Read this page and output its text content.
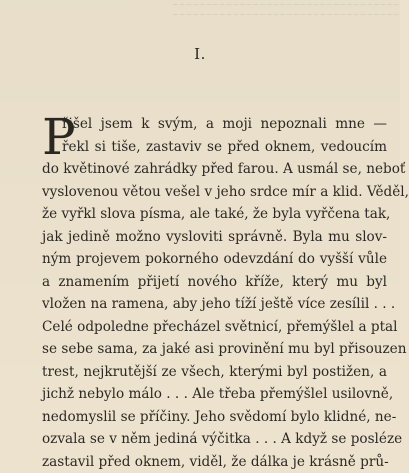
~~~~~~~~~~~~~~~~~~~~~~~~~~~~~~~~~~
~~~~~~~~~~~~~~~~~~~~~~~~~~~~~~~~~~
I.
P
řišel jsem k svým, a moji nepoznali mne —
řekl si tiše, zastaviv se před oknem, vedoucím
do květinové zahrádky před farou. A usmál se, neboť
vyslovenou větou vešel v jeho srdce mír a klid. Věděl,
že vyřkl slova písma, ale také, že byla vyřčena tak,
jak jedině možno vysloviti správně. Byla mu slov-
ným projevem pokorného odevzdání do vyšší vůle
a znamením přijetí nového kříže, který mu byl
vložen na ramena, aby jeho tíží ještě více zesílil . . .
Celé odpoledne přecházel světnicí, přemýšlel a ptal
se sebe sama, za jaké asi provinění mu byl přisouzen
trest, nejkrutější ze všech, kterými byl postižen, a
jichž nebylo málo . . . Ale třeba přemýšlel usilovně,
nedomyslil se příčiny. Jeho svědomí bylo klidné, ne-
ozvala se v něm jediná výčitka . . . A když se posléze
zastavil před oknem, viděl, že dálka je krásně prů-
